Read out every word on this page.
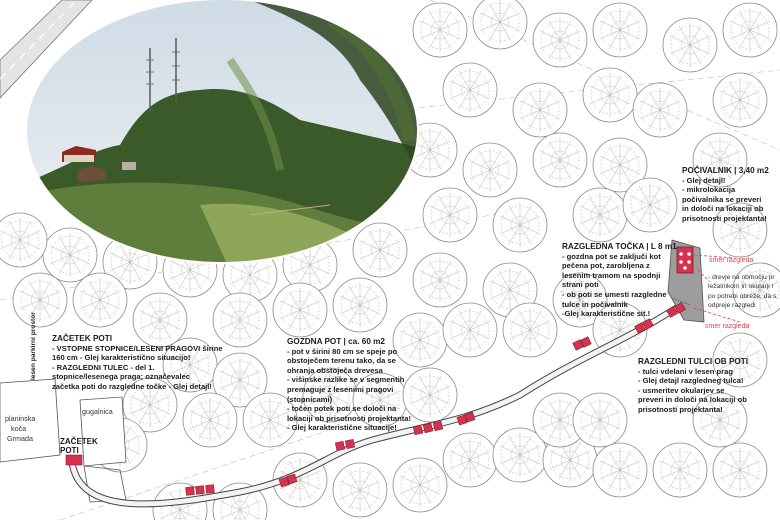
ZAČETEK
POTI
planinska
koča
Grmada
gugalnica
lesen parkirni prostor
smer razgleda
smer razgleda
- drevje na območju pr
ležalnikom in okularji r
po potrebi obreže, da s
odpreje razgledi
ZAČETEK POTI
- VSTOPNE STOPNICE/LESENI PRAGOVI širine
160 cm - Glej karakteristično situacijo!
- RAZGLEDNI TULEC - del 1.
stopnice/lesenega praga; označevalec
začetka poti do razgledne točke - Glej detajl!
GOZDNA POT | ca. 60 m2
- pot v širini 80 cm se speje po
obstoječem terenu tako, da se
ohranja obstoječa drevesa
- višinske razlike se v segmentih
premaguje z lesenimi pragovi
(stopnicami)
- točen potek poti se določi na
lokaciji ob prisotnosti projektanta!
- Glej karakteristične situacije!
RAZGLEDNA TOČKA | L 8 m1
- gozdna pot se zaključi kot
pečena pot, zarobljena z
lesenim tramom na spodnji
strani poti
- ob poti se umesti razgledne
tulce in počivalnik
-Glej karakteristične sit.!
POČIVALNIK | 3,40 m2
- Glej detajl!
- mikrolokacija
počivalnika se preveri
in določi na lokaciji ob
prisotnosti projektanta!
RAZGLEDNI TULCI OB POTI
- tulci vdelani v lesen prag
- Glej detajl razgledneg tulca!
- usmeritev okularjev se
preveri in določi na lokaciji ob
prisotnosti projektanta!
